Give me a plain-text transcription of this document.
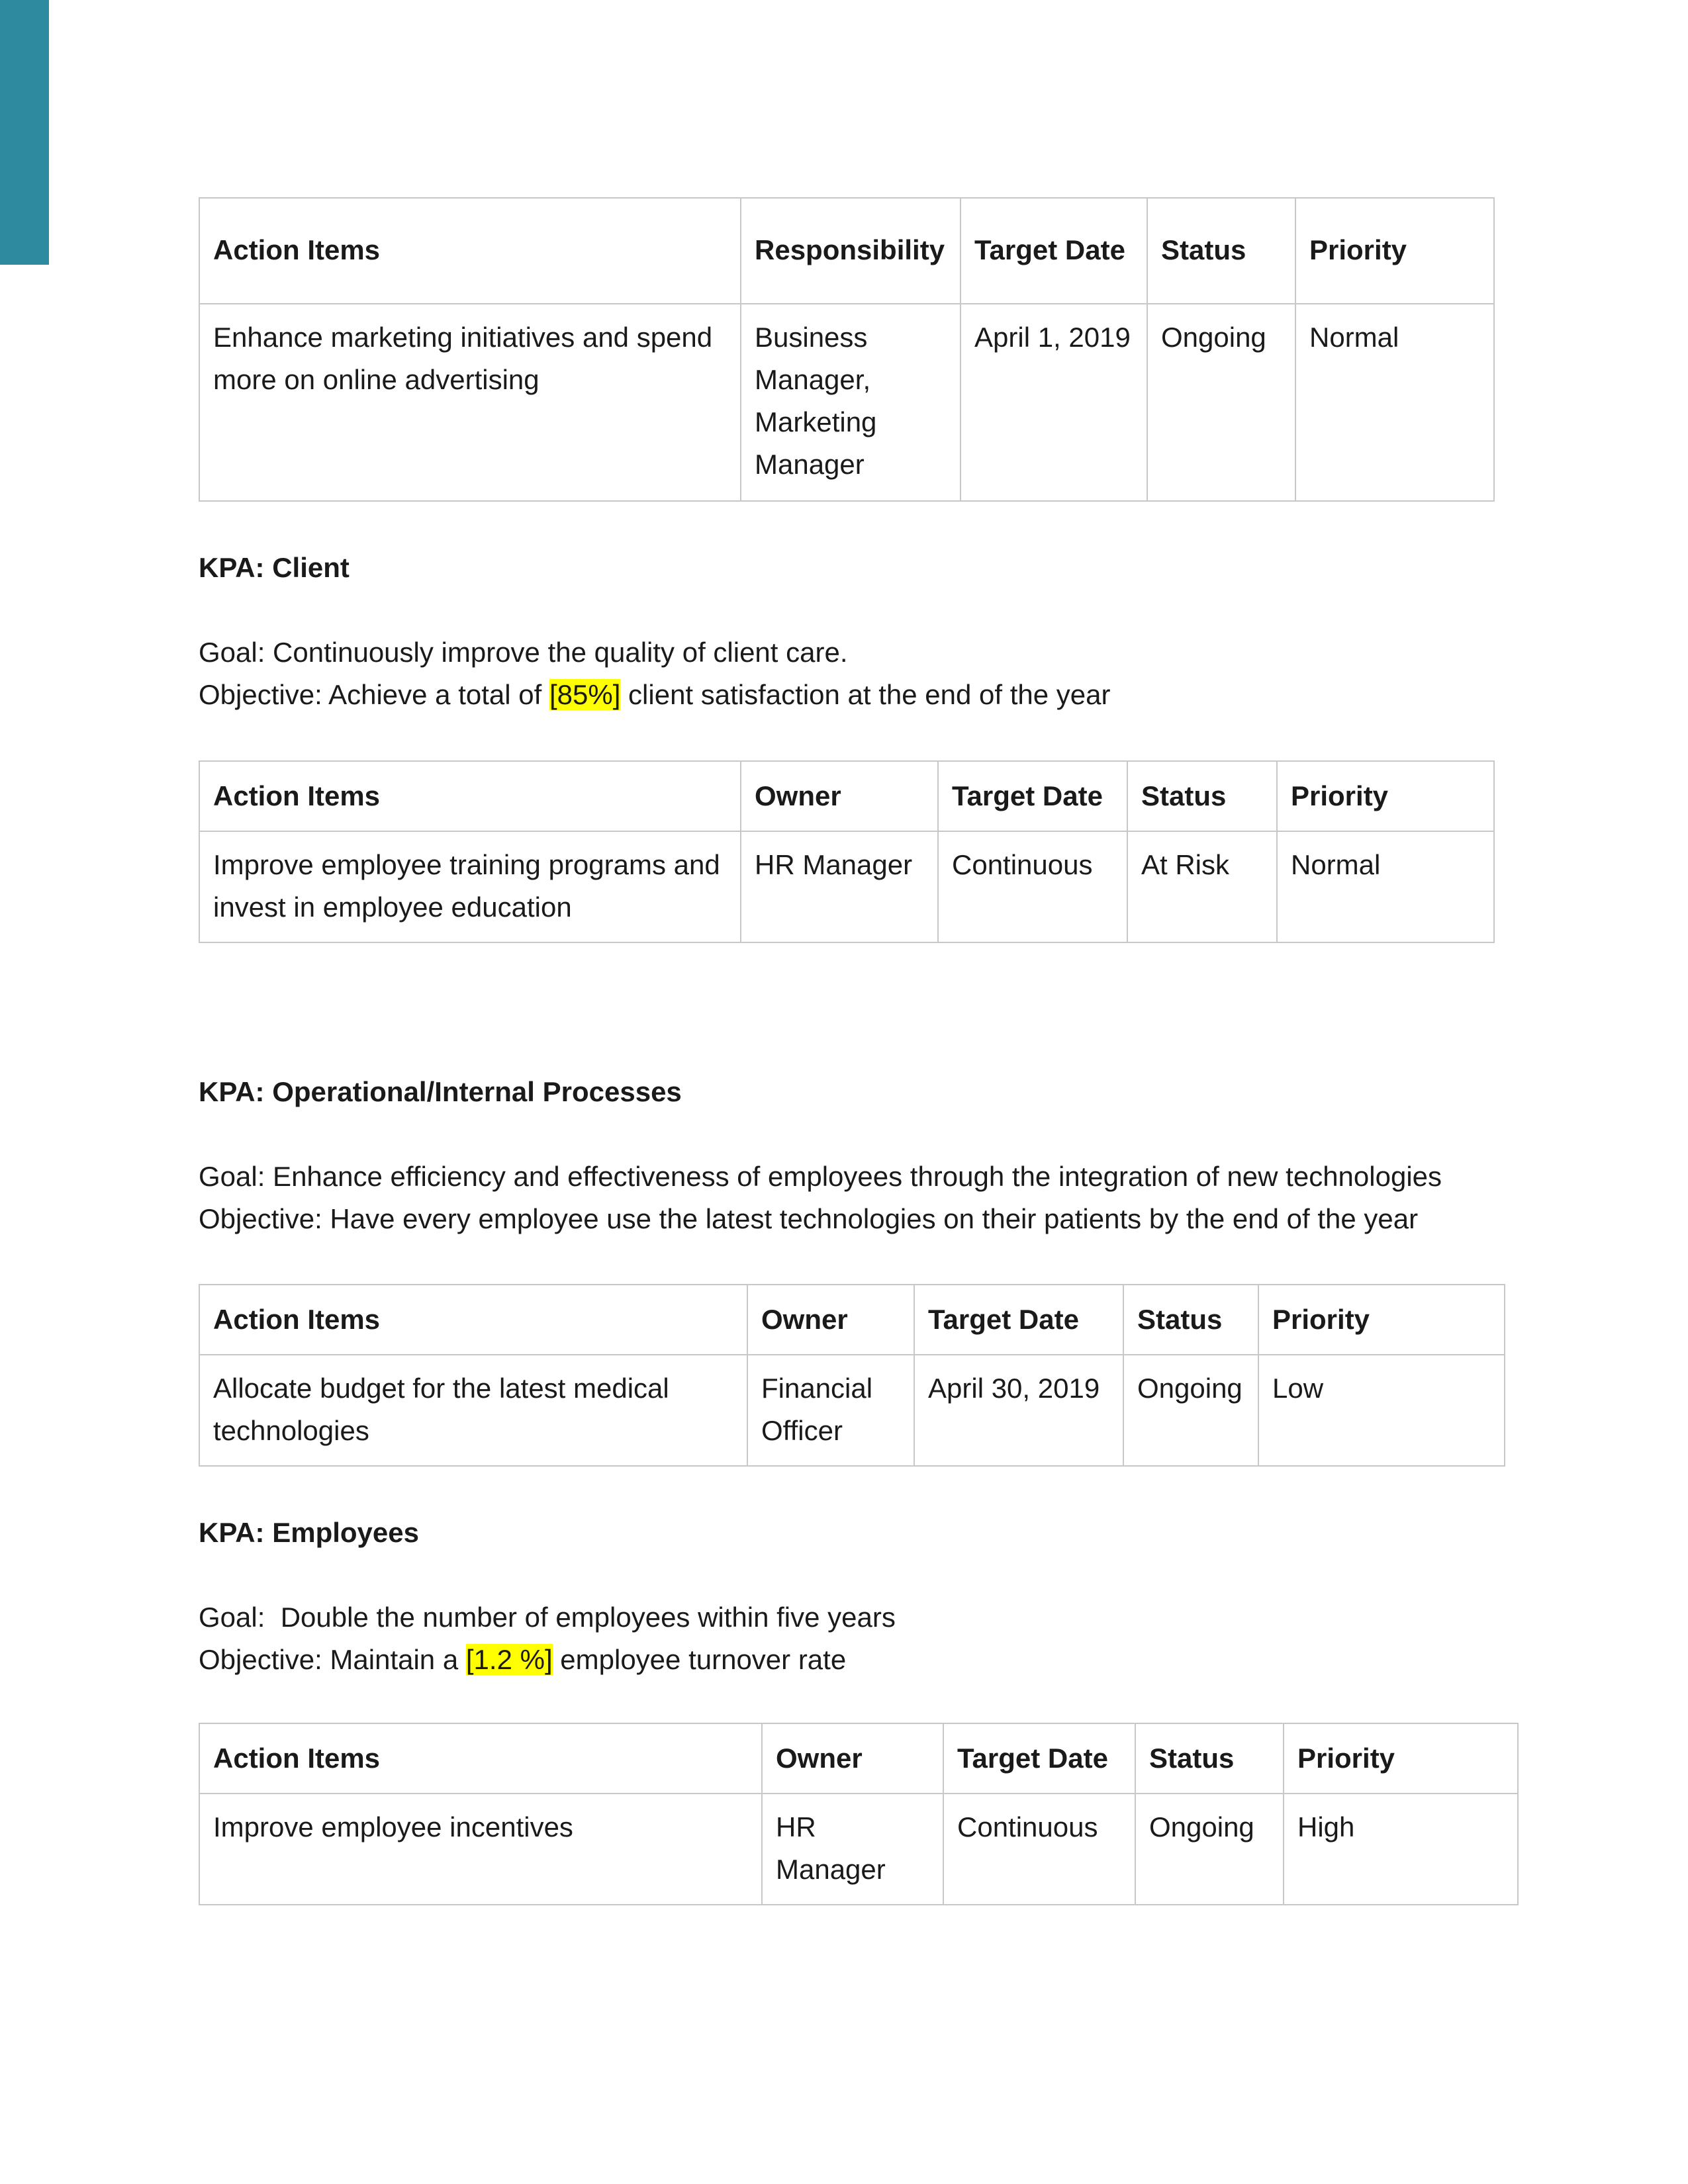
Action Items	Responsibility	Target Date	Status	Priority
Enhance marketing initiatives and spend more on online advertising	Business Manager, Marketing Manager	April 1, 2019	Ongoing	Normal

KPA: Client

Goal: Continuously improve the quality of client care.

Objective: Achieve a total of [85%] client satisfaction at the end of the year

Action Items	Owner	Target Date	Status	Priority
Improve employee training programs and invest in employee education	HR Manager	Continuous	At Risk	Normal

KPA: Operational/Internal Processes

Goal: Enhance efficiency and effectiveness of employees through the integration of new technologies

Objective: Have every employee use the latest technologies on their patients by the end of the year

Action Items	Owner	Target Date	Status	Priority
Allocate budget for the latest medical technologies	Financial Officer	April 30, 2019	Ongoing	Low

KPA: Employees

Goal:  Double the number of employees within five years

Objective: Maintain a [1.2 %] employee turnover rate

Action Items	Owner	Target Date	Status	Priority
Improve employee incentives	HR Manager	Continuous	Ongoing	High
